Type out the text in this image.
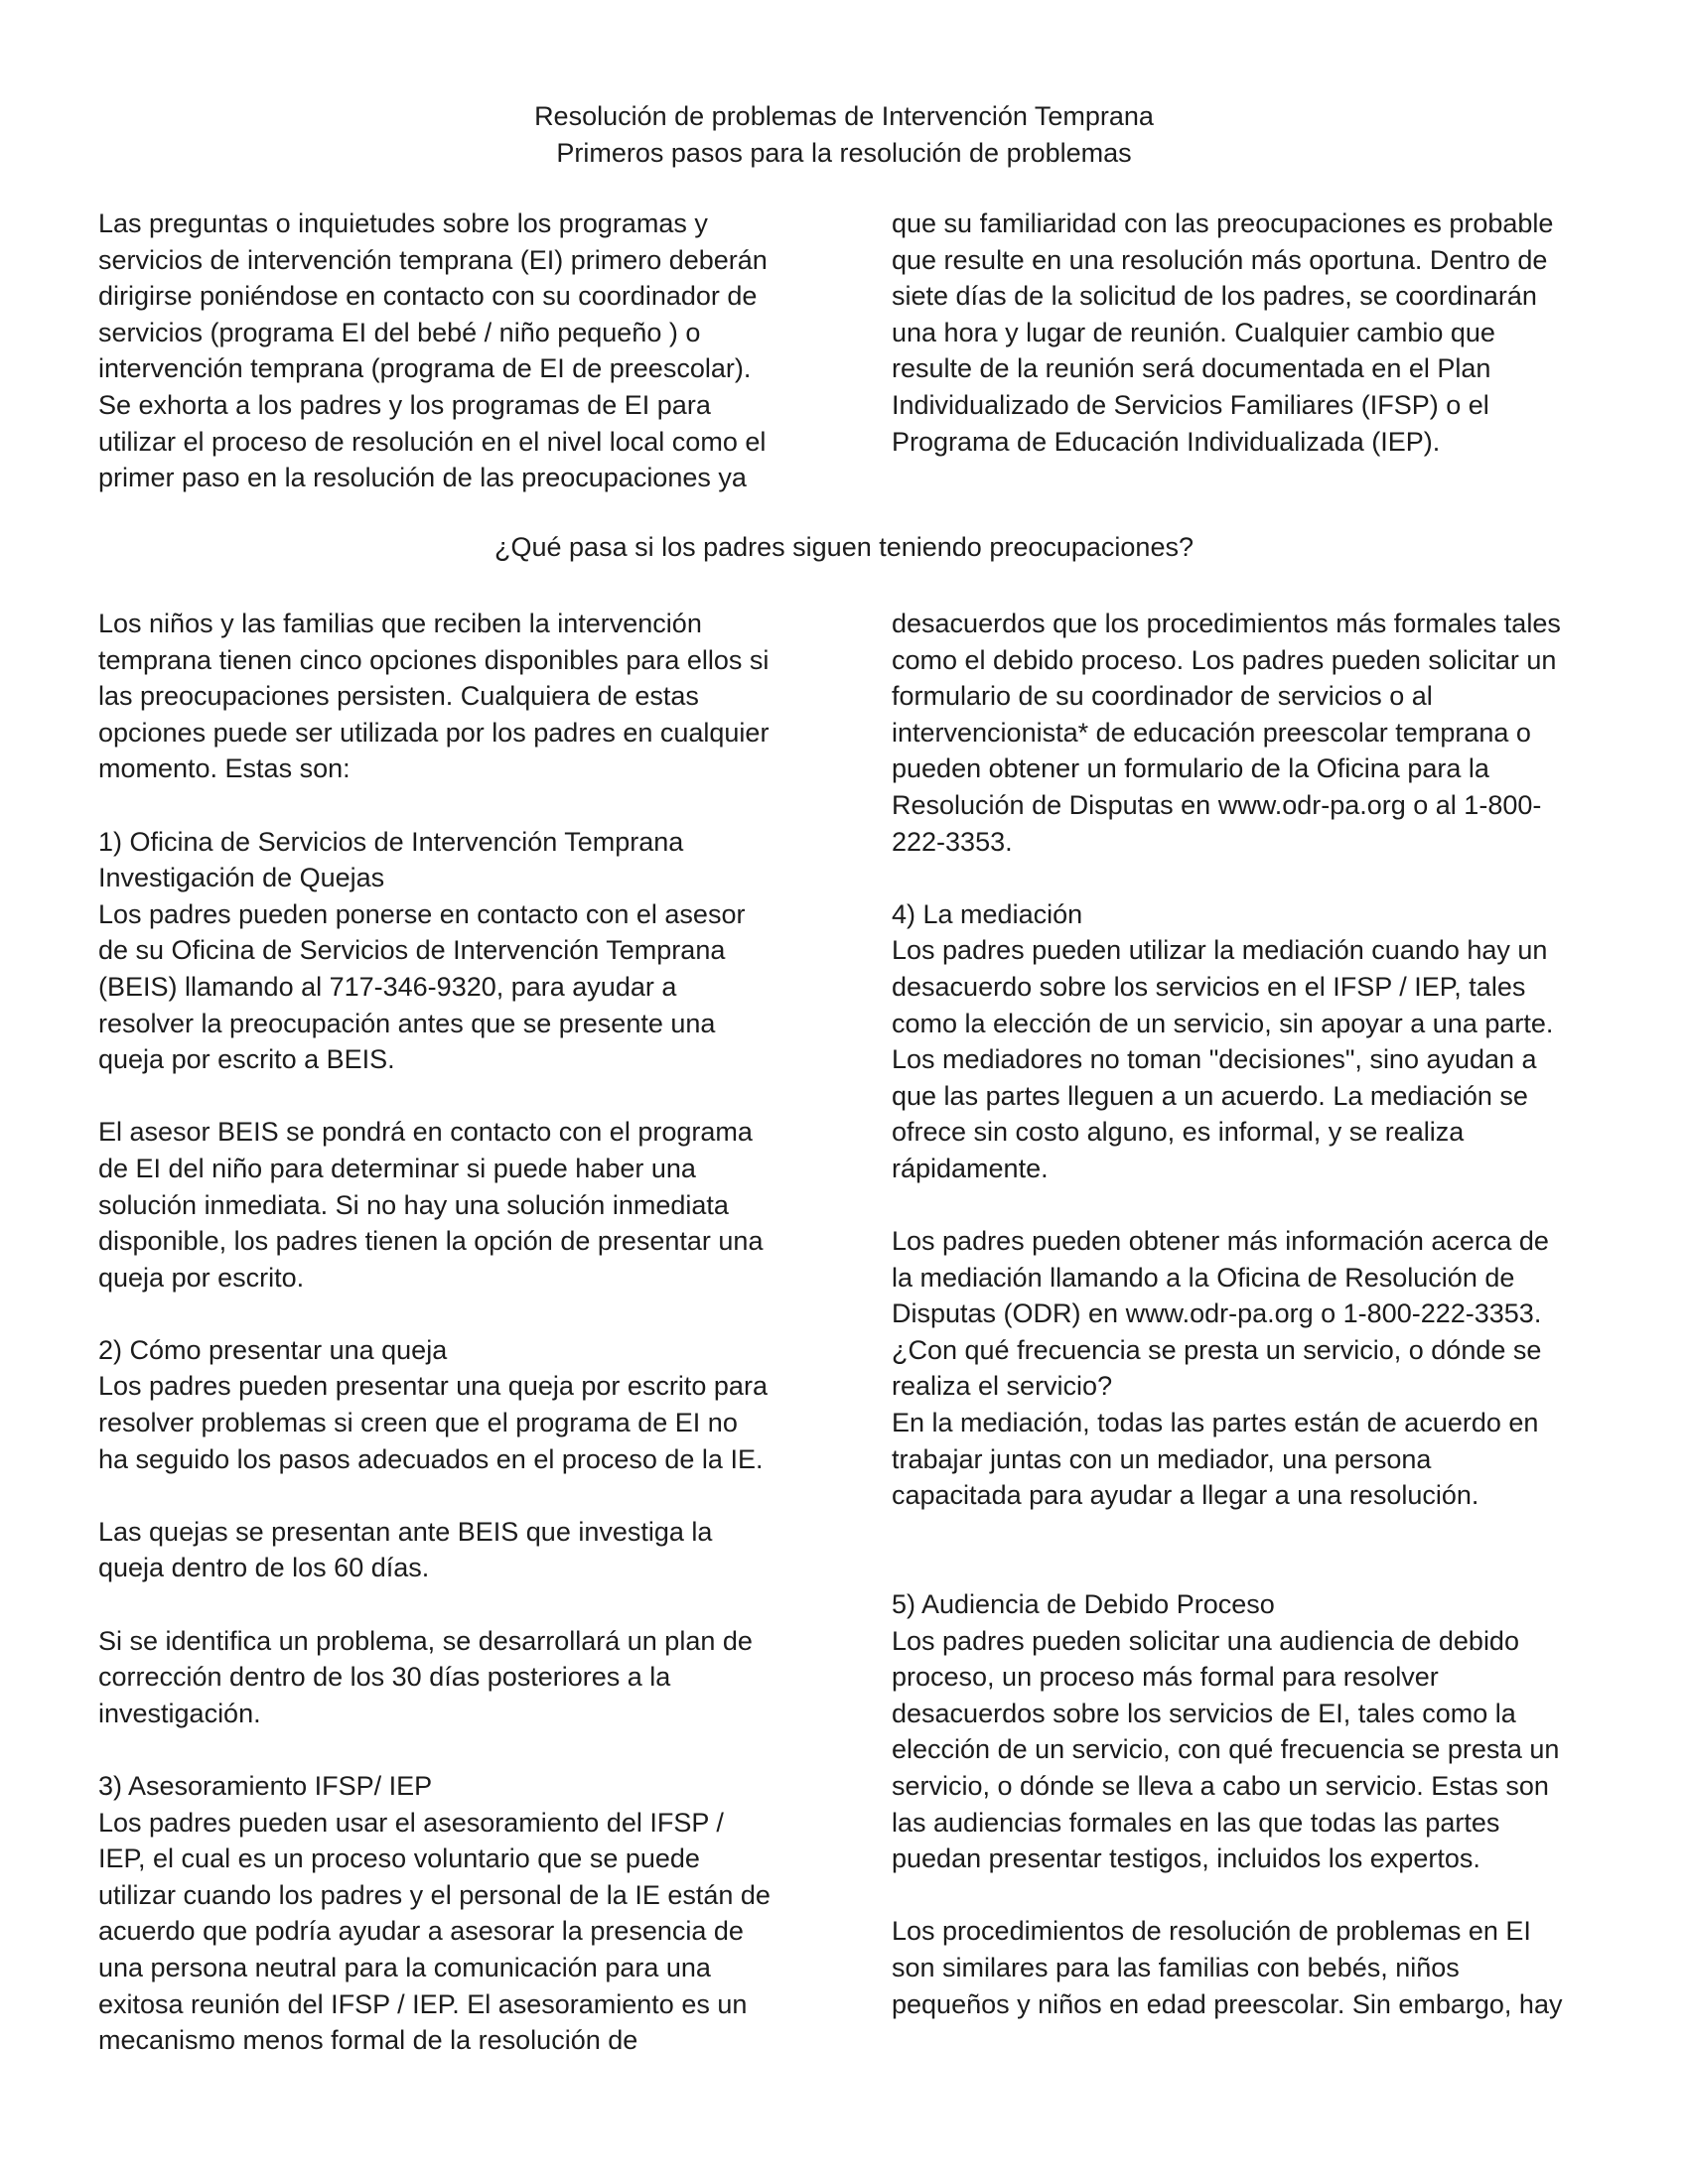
Resolución de problemas de Intervención Temprana
Primeros pasos para la resolución de problemas
Las preguntas o inquietudes sobre los programas y
servicios de intervención temprana (EI) primero deberán
dirigirse poniéndose en contacto con su coordinador de
servicios (programa EI del bebé / niño pequeño ) o
intervención temprana (programa de EI de preescolar).
Se exhorta a los padres y los programas de EI para
utilizar el proceso de resolución en el nivel local como el
primer paso en la resolución de las preocupaciones ya
que su familiaridad con las preocupaciones es probable
que resulte en una resolución más oportuna. Dentro de
siete días de la solicitud de los padres, se coordinarán
una hora y lugar de reunión. Cualquier cambio que
resulte de la reunión será documentada en el Plan
Individualizado de Servicios Familiares (IFSP) o el
Programa de Educación Individualizada (IEP).
¿Qué pasa si los padres siguen teniendo preocupaciones?
Los niños y las familias que reciben la intervención
temprana tienen cinco opciones disponibles para ellos si
las preocupaciones persisten. Cualquiera de estas
opciones puede ser utilizada por los padres en cualquier
momento. Estas son:
1) Oficina de Servicios de Intervención Temprana
Investigación de Quejas
Los padres pueden ponerse en contacto con el asesor
de su Oficina de Servicios de Intervención Temprana
(BEIS) llamando al 717-346-9320, para ayudar a
resolver la preocupación antes que se presente una
queja por escrito a BEIS.
El asesor BEIS se pondrá en contacto con el programa
de EI del niño para determinar si puede haber una
solución inmediata. Si no hay una solución inmediata
disponible, los padres tienen la opción de presentar una
queja por escrito.
2) Cómo presentar una queja
Los padres pueden presentar una queja por escrito para
resolver problemas si creen que el programa de EI no
ha seguido los pasos adecuados en el proceso de la IE.
Las quejas se presentan ante BEIS que investiga la
queja dentro de los 60 días.
Si se identifica un problema, se desarrollará un plan de
corrección dentro de los 30 días posteriores a la
investigación.
3) Asesoramiento IFSP/ IEP
Los padres pueden usar el asesoramiento del IFSP /
IEP, el cual es un proceso voluntario que se puede
utilizar cuando los padres y el personal de la IE están de
acuerdo que podría ayudar a asesorar la presencia de
una persona neutral para la comunicación para una
exitosa reunión del IFSP / IEP. El asesoramiento es un
mecanismo menos formal de la resolución de
desacuerdos que los procedimientos más formales tales
como el debido proceso. Los padres pueden solicitar un
formulario de su coordinador de servicios o al
intervencionista* de educación preescolar temprana o
pueden obtener un formulario de la Oficina para la
Resolución de Disputas en www.odr-pa.org o al 1-800-
222-3353.
4) La mediación
Los padres pueden utilizar la mediación cuando hay un
desacuerdo sobre los servicios en el IFSP / IEP, tales
como la elección de un servicio, sin apoyar a una parte.
Los mediadores no toman "decisiones", sino ayudan a
que las partes lleguen a un acuerdo. La mediación se
ofrece sin costo alguno, es informal, y se realiza
rápidamente.
Los padres pueden obtener más información acerca de
la mediación llamando a la Oficina de Resolución de
Disputas (ODR) en www.odr-pa.org o 1-800-222-3353.
¿Con qué frecuencia se presta un servicio, o dónde se
realiza el servicio?
En la mediación, todas las partes están de acuerdo en
trabajar juntas con un mediador, una persona
capacitada para ayudar a llegar a una resolución.
5) Audiencia de Debido Proceso
Los padres pueden solicitar una audiencia de debido
proceso, un proceso más formal para resolver
desacuerdos sobre los servicios de EI, tales como la
elección de un servicio, con qué frecuencia se presta un
servicio, o dónde se lleva a cabo un servicio. Estas son
las audiencias formales en las que todas las partes
puedan presentar testigos, incluidos los expertos.
Los procedimientos de resolución de problemas en EI
son similares para las familias con bebés, niños
pequeños y niños en edad preescolar. Sin embargo, hay
